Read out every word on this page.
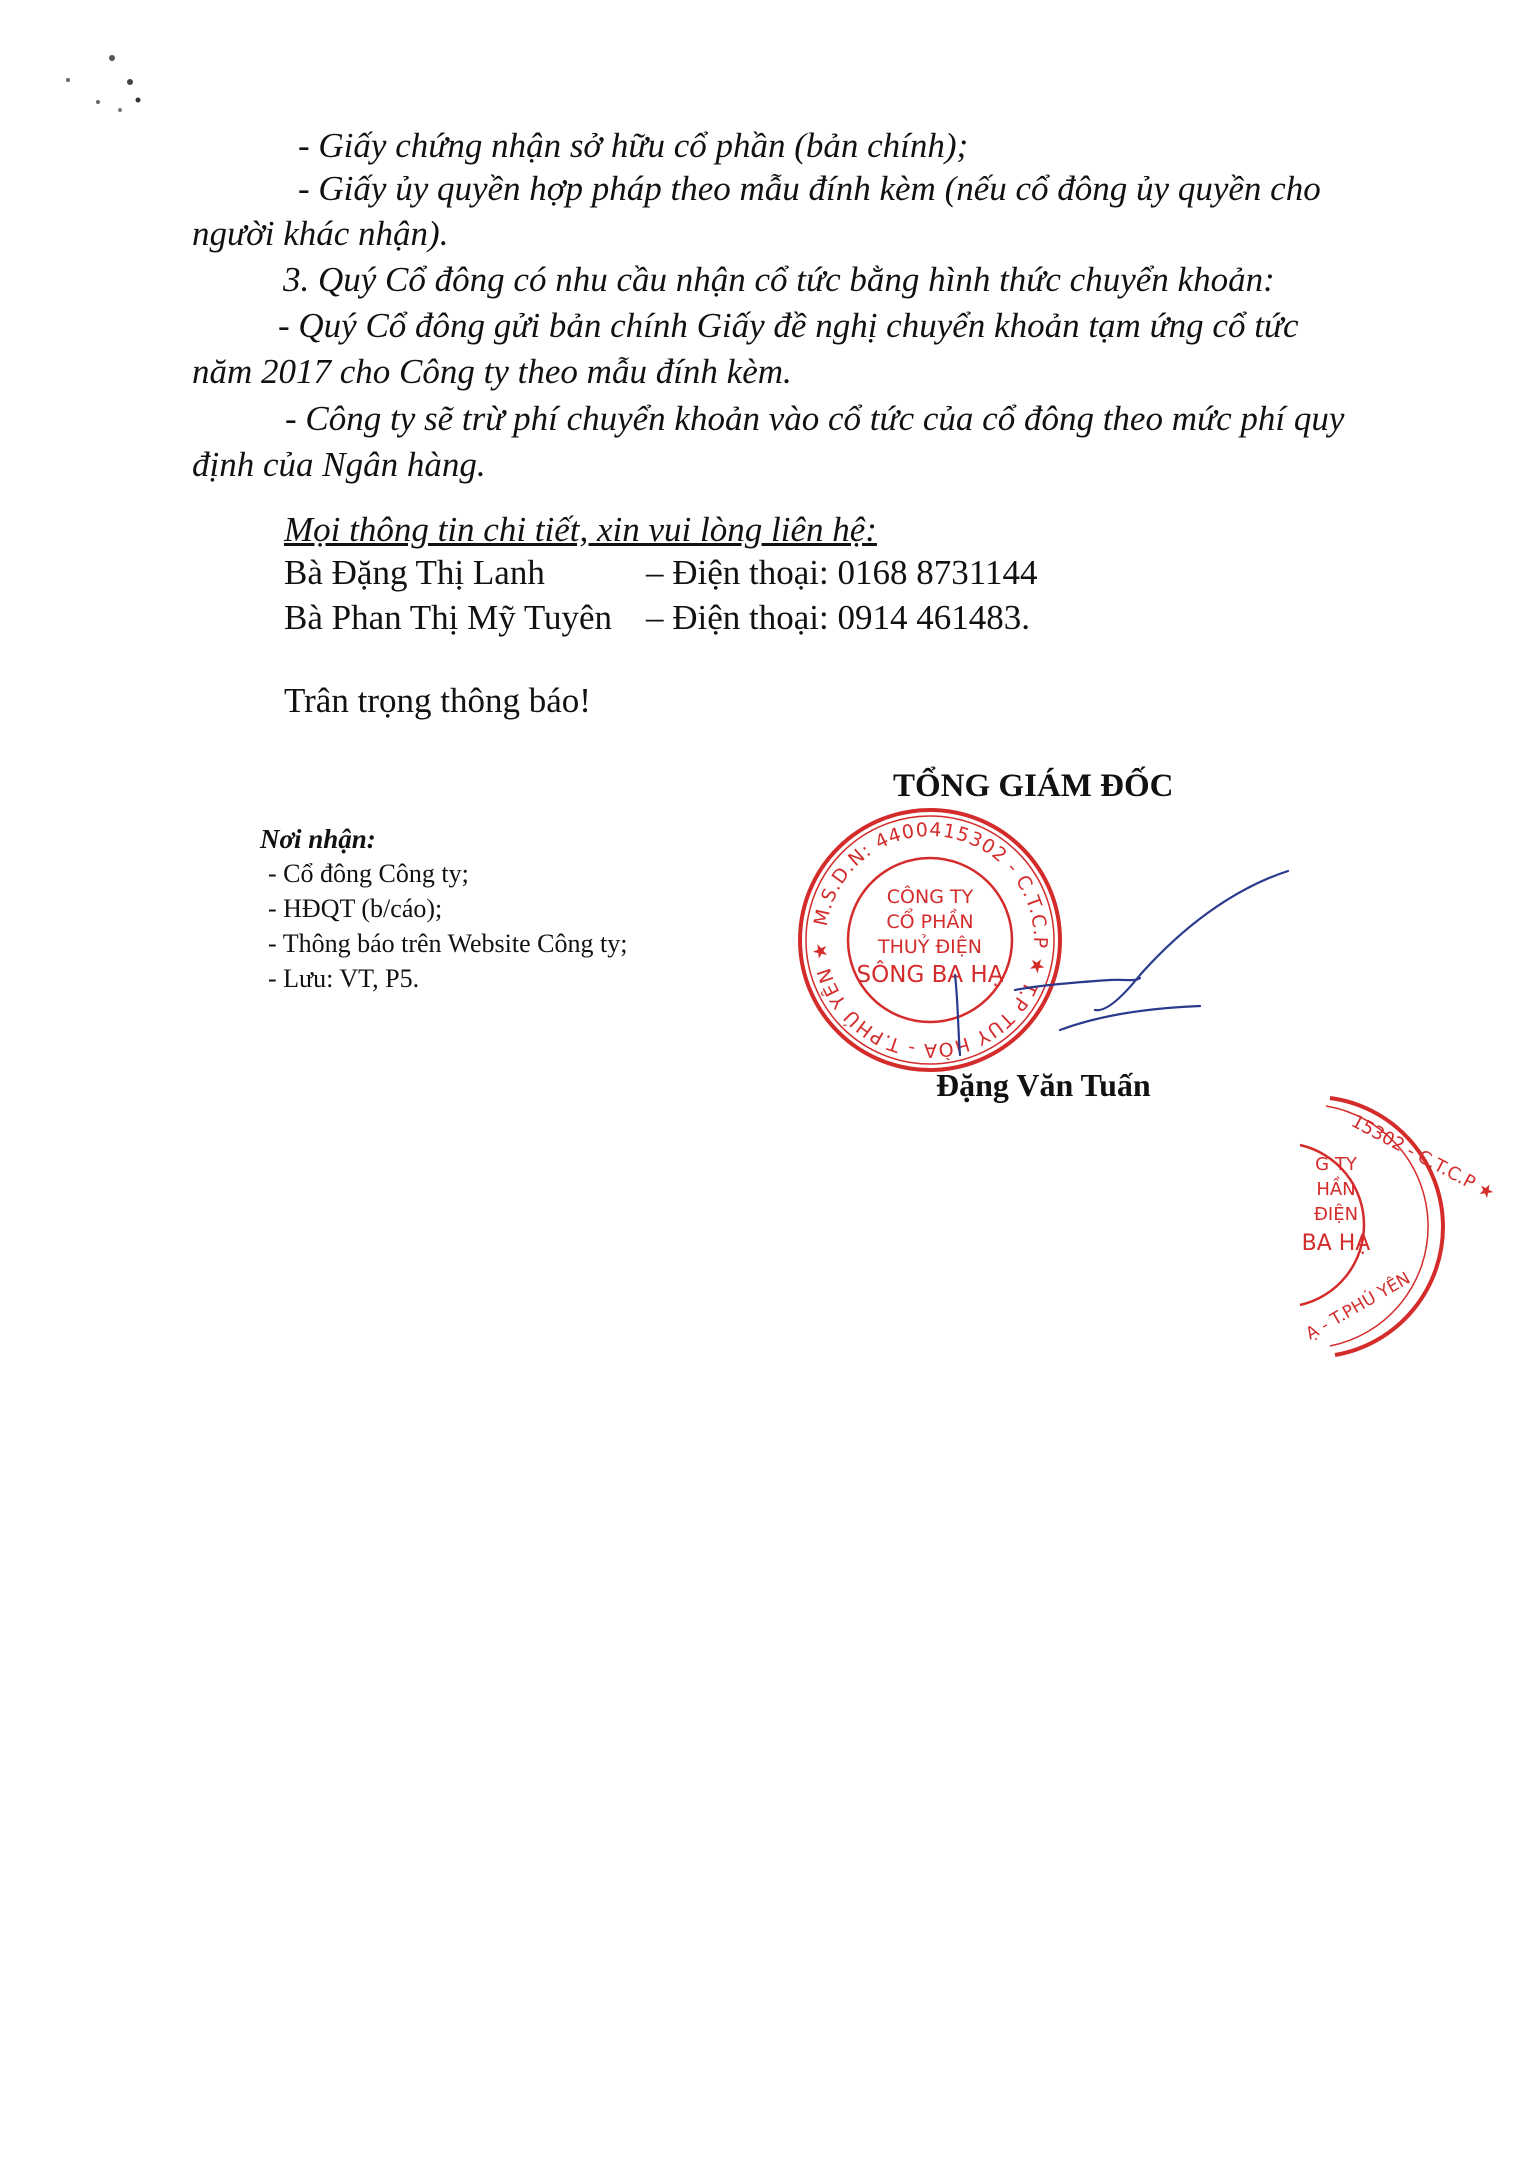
- Giấy chứng nhận sở hữu cổ phần (bản chính);
- Giấy ủy quyền hợp pháp theo mẫu đính kèm (nếu cổ đông ủy quyền cho
người khác nhận).
3. Quý Cổ đông có nhu cầu nhận cổ tức bằng hình thức chuyển khoản:
- Quý Cổ đông gửi bản chính Giấy đề nghị chuyển khoản tạm ứng cổ tức
năm 2017 cho Công ty theo mẫu đính kèm.
- Công ty sẽ trừ phí chuyển khoản vào cổ tức của cổ đông theo mức phí quy
định của Ngân hàng.
Mọi thông tin chi tiết, xin vui lòng liên hệ:
Bà Đặng Thị Lanh	– Điện thoại: 0168 8731144
Bà Phan Thị Mỹ Tuyên – Điện thoại: 0914 461483.
Trân trọng thông báo!
TỔNG GIÁM ĐỐC
Nơi nhận:
- Cổ đông Công ty;
- HĐQT (b/cáo);
- Thông báo trên Website Công ty;
- Lưu: VT, P5.
M.S.D.N: 4400415302 - C.T.C.P ★ T.P TUY HÒA - T.PHÚ YÊN ★
CÔNG TY
CỔ PHẦN
THUỶ ĐIỆN
SÔNG BA HẠ
15302 - C.T.C.P ★
Ạ - T.PHÚ YÊN
G TY
HẦN
ĐIỆN
BA HẠ
Đặng Văn Tuấn
